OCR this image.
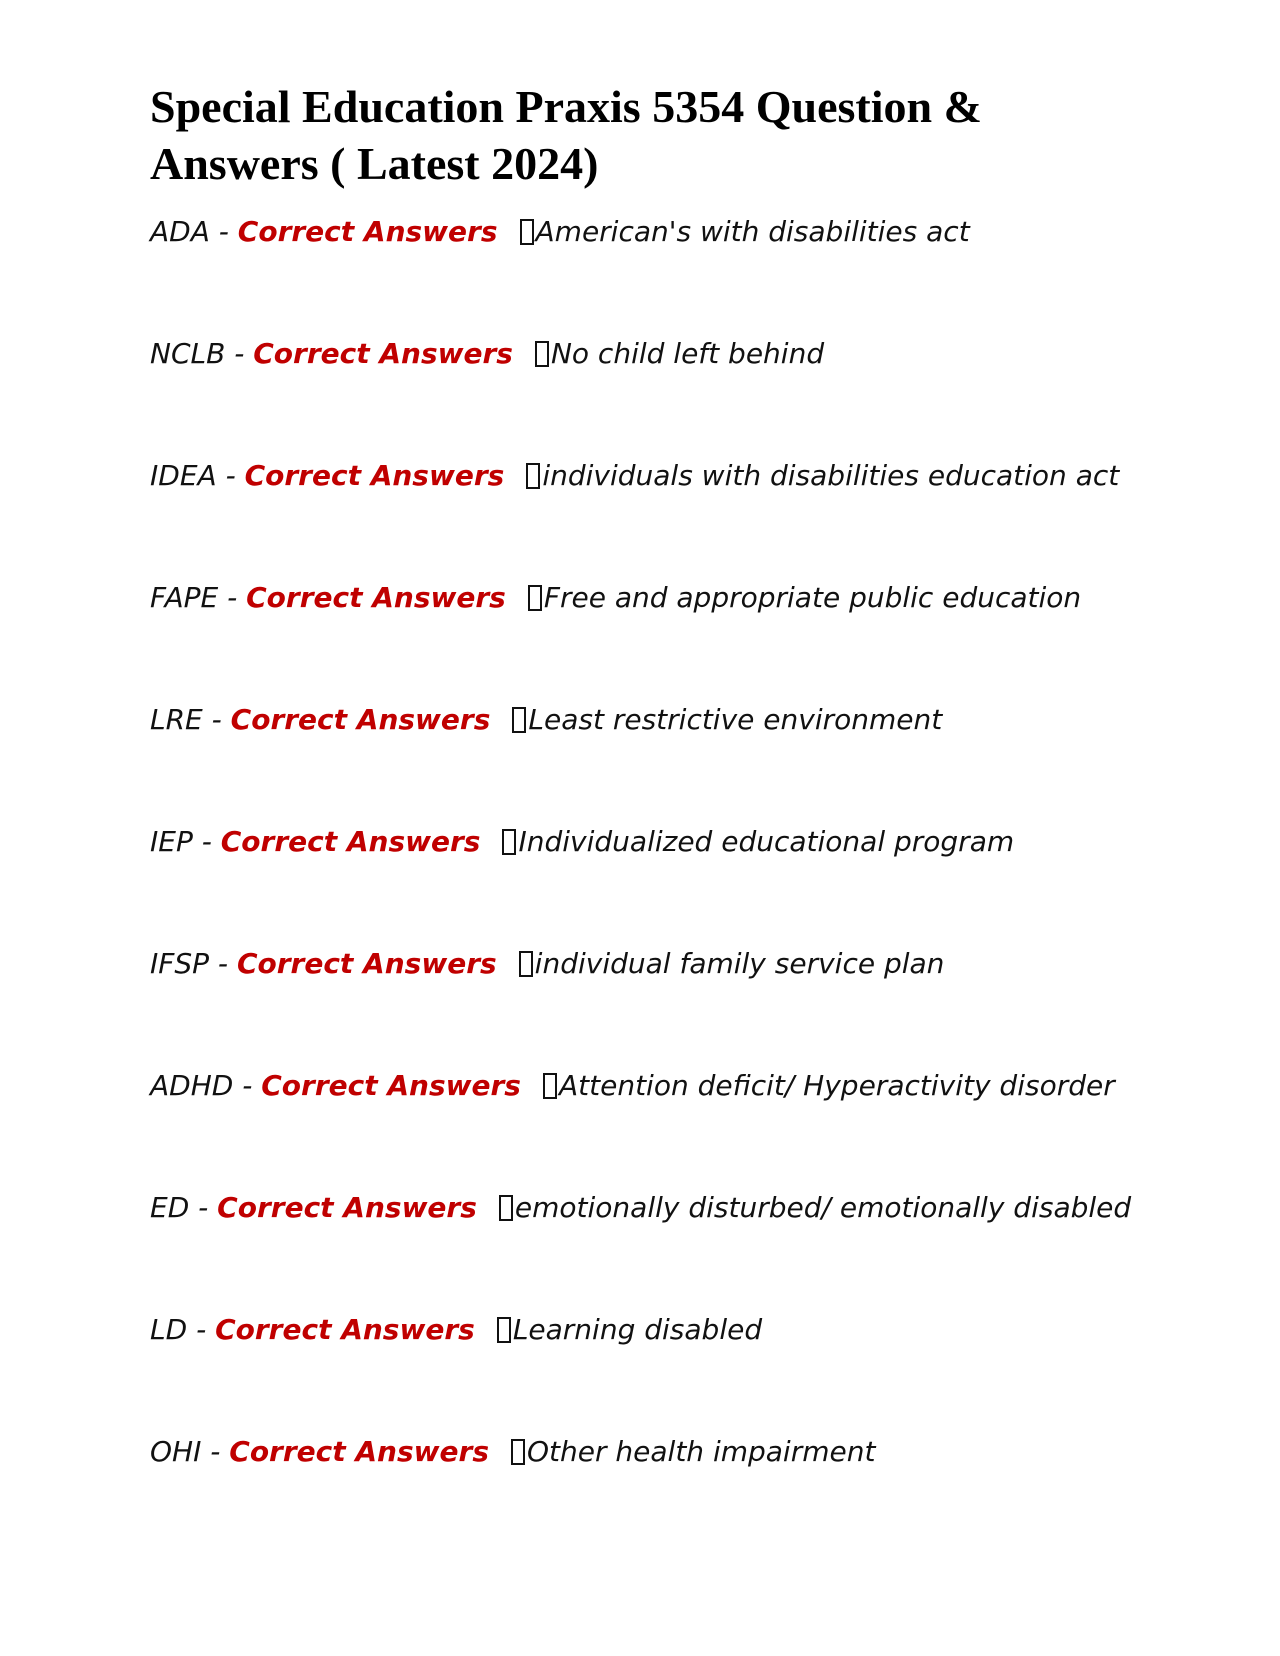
Special Education Praxis 5354 Question & Answers ( Latest 2024)
ADA - Correct Answers American's with disabilities act
NCLB - Correct Answers No child left behind
IDEA - Correct Answers individuals with disabilities education act
FAPE - Correct Answers Free and appropriate public education
LRE - Correct Answers Least restrictive environment
IEP - Correct Answers Individualized educational program
IFSP - Correct Answers individual family service plan
ADHD - Correct Answers Attention deficit/ Hyperactivity disorder
ED - Correct Answers emotionally disturbed/ emotionally disabled
LD - Correct Answers Learning disabled
OHI - Correct Answers Other health impairment
